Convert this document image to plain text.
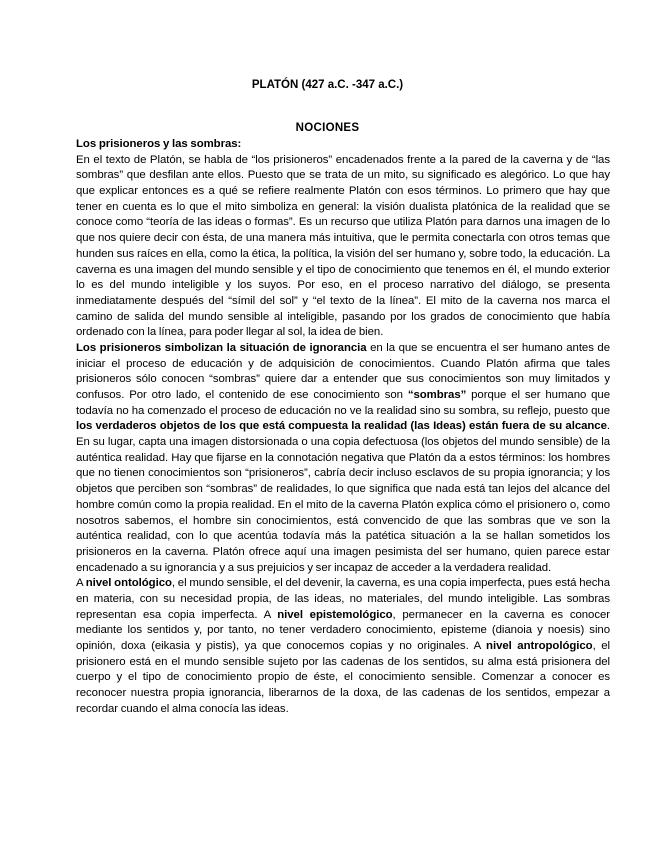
PLATÓN (427 a.C. -347 a.C.)
NOCIONES

Los prisioneros y las sombras:

En el texto de Platón, se habla de “los prisioneros” encadenados frente a la pared de la caverna y de “las sombras” que desfilan ante ellos. Puesto que se trata de un mito, su significado es alegórico. Lo que hay que explicar entonces es a qué se refiere realmente Platón con esos términos. Lo primero que hay que tener en cuenta es lo que el mito simboliza en general: la visión dualista platónica de la realidad que se conoce como “teoría de las ideas o formas”. Es un recurso que utiliza Platón para darnos una imagen de lo que nos quiere decir con ésta, de una manera más intuitiva, que le permita conectarla con otros temas que hunden sus raíces en ella, como la ética, la política, la visión del ser humano y, sobre todo, la educación. La caverna es una imagen del mundo sensible y el tipo de conocimiento que tenemos en él, el mundo exterior lo es del mundo inteligible y los suyos. Por eso, en el proceso narrativo del diálogo, se presenta inmediatamente después del “símil del sol” y “el texto de la línea”. El mito de la caverna nos marca el camino de salida del mundo sensible al inteligible, pasando por los grados de conocimiento que había ordenado con la línea, para poder llegar al sol, la idea de bien.

Los prisioneros simbolizan la situación de ignorancia en la que se encuentra el ser humano antes de iniciar el proceso de educación y de adquisición de conocimientos. Cuando Platón afirma que tales prisioneros sólo conocen “sombras” quiere dar a entender que sus conocimientos son muy limitados y confusos. Por otro lado, el contenido de ese conocimiento son “sombras” porque el ser humano que todavía no ha comenzado el proceso de educación no ve la realidad sino su sombra, su reflejo, puesto que los verdaderos objetos de los que está compuesta la realidad (las Ideas) están fuera de su alcance. En su lugar, capta una imagen distorsionada o una copia defectuosa (los objetos del mundo sensible) de la auténtica realidad. Hay que fijarse en la connotación negativa que Platón da a estos términos: los hombres que no tienen conocimientos son “prisioneros”, cabría decir incluso esclavos de su propia ignorancia; y los objetos que perciben son “sombras” de realidades, lo que significa que nada está tan lejos del alcance del hombre común como la propia realidad. En el mito de la caverna Platón explica cómo el prisionero o, como nosotros sabemos, el hombre sin conocimientos, está convencido de que las sombras que ve son la auténtica realidad, con lo que acentúa todavía más la patética situación a la se hallan sometidos los prisioneros en la caverna. Platón ofrece aquí una imagen pesimista del ser humano, quien parece estar encadenado a su ignorancia y a sus prejuicios y ser incapaz de acceder a la verdadera realidad.

A nivel ontológico, el mundo sensible, el del devenir, la caverna, es una copia imperfecta, pues está hecha en materia, con su necesidad propia, de las ideas, no materiales, del mundo inteligible. Las sombras representan esa copia imperfecta. A nivel epistemológico, permanecer en la caverna es conocer mediante los sentidos y, por tanto, no tener verdadero conocimiento, episteme (dianoia y noesis) sino opinión, doxa (eikasia y pistis), ya que conocemos copias y no originales. A nivel antropológico, el prisionero está en el mundo sensible sujeto por las cadenas de los sentidos, su alma está prisionera del cuerpo y el tipo de conocimiento propio de éste, el conocimiento sensible. Comenzar a conocer es reconocer nuestra propia ignorancia, liberarnos de la doxa, de las cadenas de los sentidos, empezar a recordar cuando el alma conocía las ideas.
